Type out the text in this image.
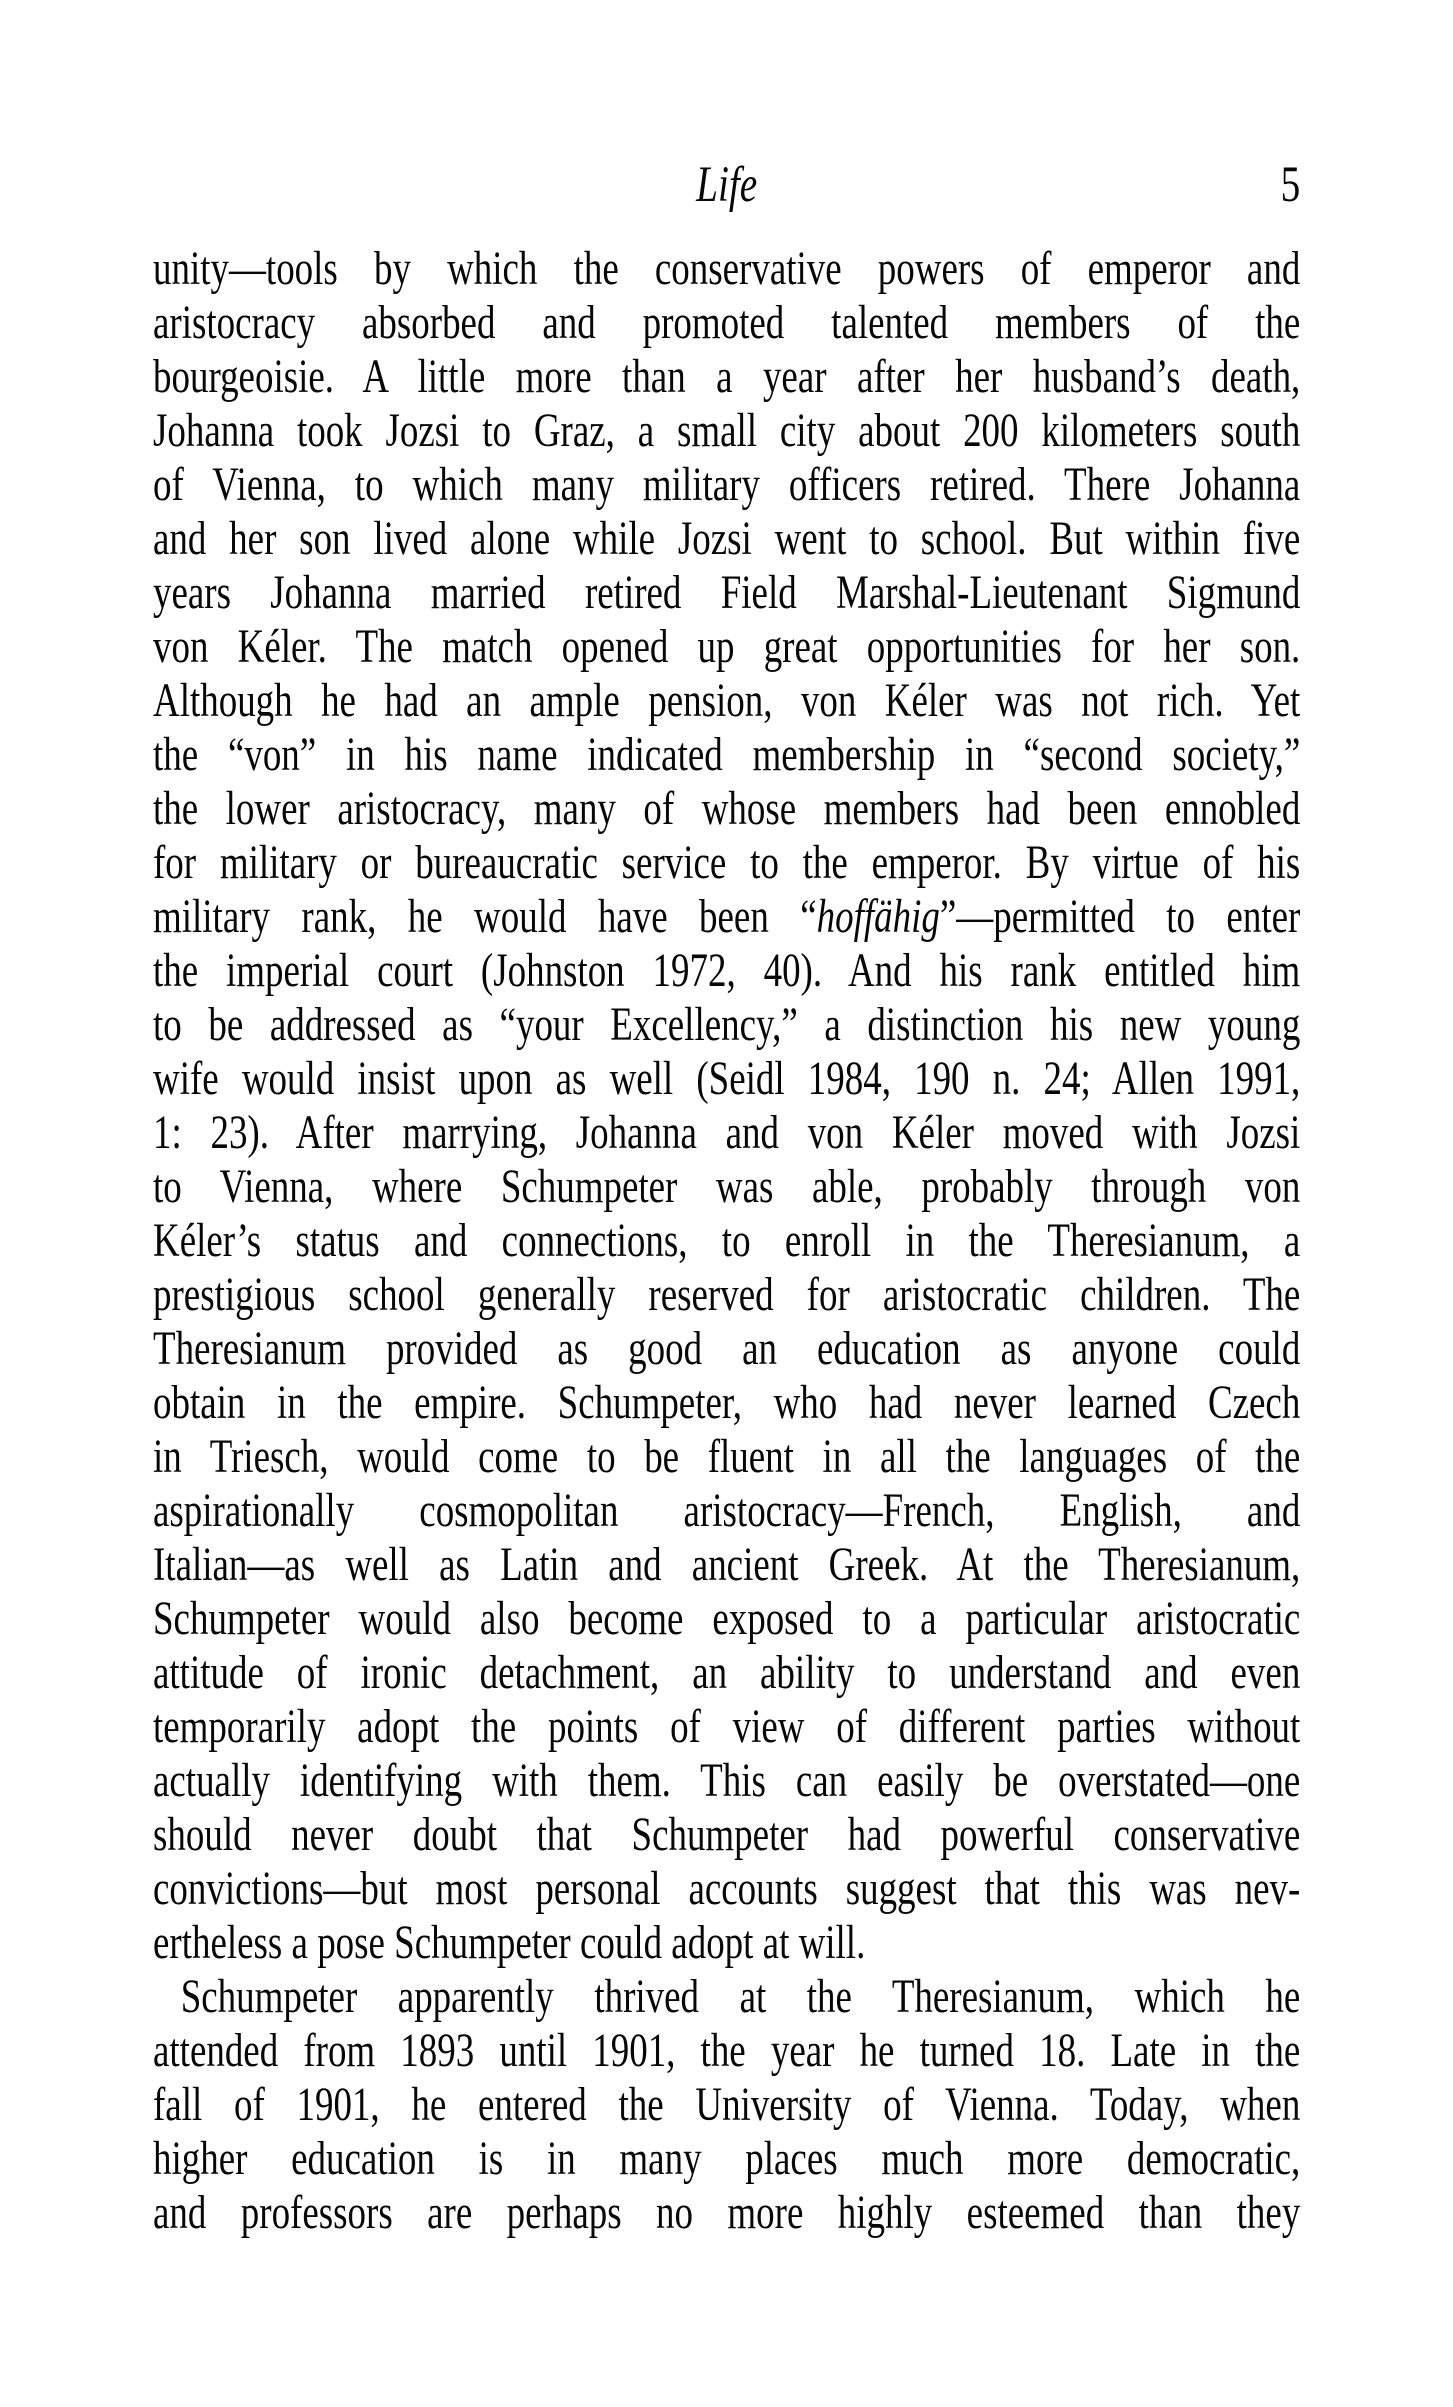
Life	5
unity—tools by which the conservative powers of emperor and
aristocracy absorbed and promoted talented members of the
bourgeoisie. A little more than a year after her husband’s death,
Johanna took Jozsi to Graz, a small city about 200 kilometers south
of Vienna, to which many military officers retired. There Johanna
and her son lived alone while Jozsi went to school. But within five
years Johanna married retired Field Marshal-Lieutenant Sigmund
von Kéler. The match opened up great opportunities for her son.
Although he had an ample pension, von Kéler was not rich. Yet
the “von” in his name indicated membership in “second society,”
the lower aristocracy, many of whose members had been ennobled
for military or bureaucratic service to the emperor. By virtue of his
military rank, he would have been “hoffähig”—permitted to enter
the imperial court (Johnston 1972, 40). And his rank entitled him
to be addressed as “your Excellency,” a distinction his new young
wife would insist upon as well (Seidl 1984, 190 n. 24; Allen 1991,
1: 23). After marrying, Johanna and von Kéler moved with Jozsi
to Vienna, where Schumpeter was able, probably through von
Kéler’s status and connections, to enroll in the Theresianum, a
prestigious school generally reserved for aristocratic children. The
Theresianum provided as good an education as anyone could
obtain in the empire. Schumpeter, who had never learned Czech
in Triesch, would come to be fluent in all the languages of the
aspirationally cosmopolitan aristocracy—French, English, and
Italian—as well as Latin and ancient Greek. At the Theresianum,
Schumpeter would also become exposed to a particular aristocratic
attitude of ironic detachment, an ability to understand and even
temporarily adopt the points of view of different parties without
actually identifying with them. This can easily be overstated—one
should never doubt that Schumpeter had powerful conservative
convictions—but most personal accounts suggest that this was nev-
ertheless a pose Schumpeter could adopt at will.
Schumpeter apparently thrived at the Theresianum, which he
attended from 1893 until 1901, the year he turned 18. Late in the
fall of 1901, he entered the University of Vienna. Today, when
higher education is in many places much more democratic,
and professors are perhaps no more highly esteemed than they
